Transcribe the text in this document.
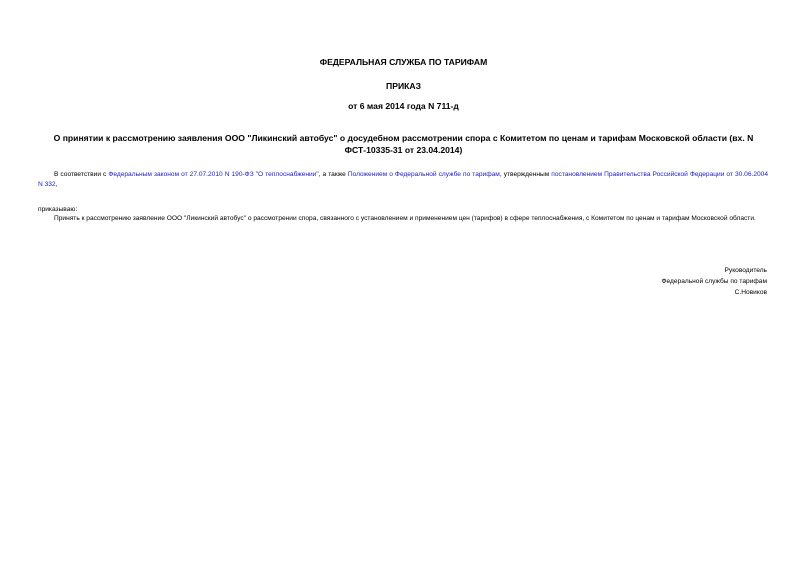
ФЕДЕРАЛЬНАЯ СЛУЖБА ПО ТАРИФАМ
ПРИКАЗ
от 6 мая 2014 года N 711-д
О принятии к рассмотрению заявления ООО "Ликинский автобус" о досудебном рассмотрении спора с Комитетом по ценам и тарифам Московской области (вх. N ФСТ-10335-31 от 23.04.2014)
В соответствии с Федеральным законом от 27.07.2010 N 190-ФЗ "О теплоснабжении", а также Положением о Федеральной службе по тарифам, утвержденным постановлением Правительства Российской Федерации от 30.06.2004 N 332,
приказываю:
Принять к рассмотрению заявление ООО "Ликинский автобус" о рассмотрении спора, связанного с установлением и применением цен (тарифов) в сфере теплоснабжения, с Комитетом по ценам и тарифам Московской области.
Руководитель
Федеральной службы по тарифам
С.Новиков
